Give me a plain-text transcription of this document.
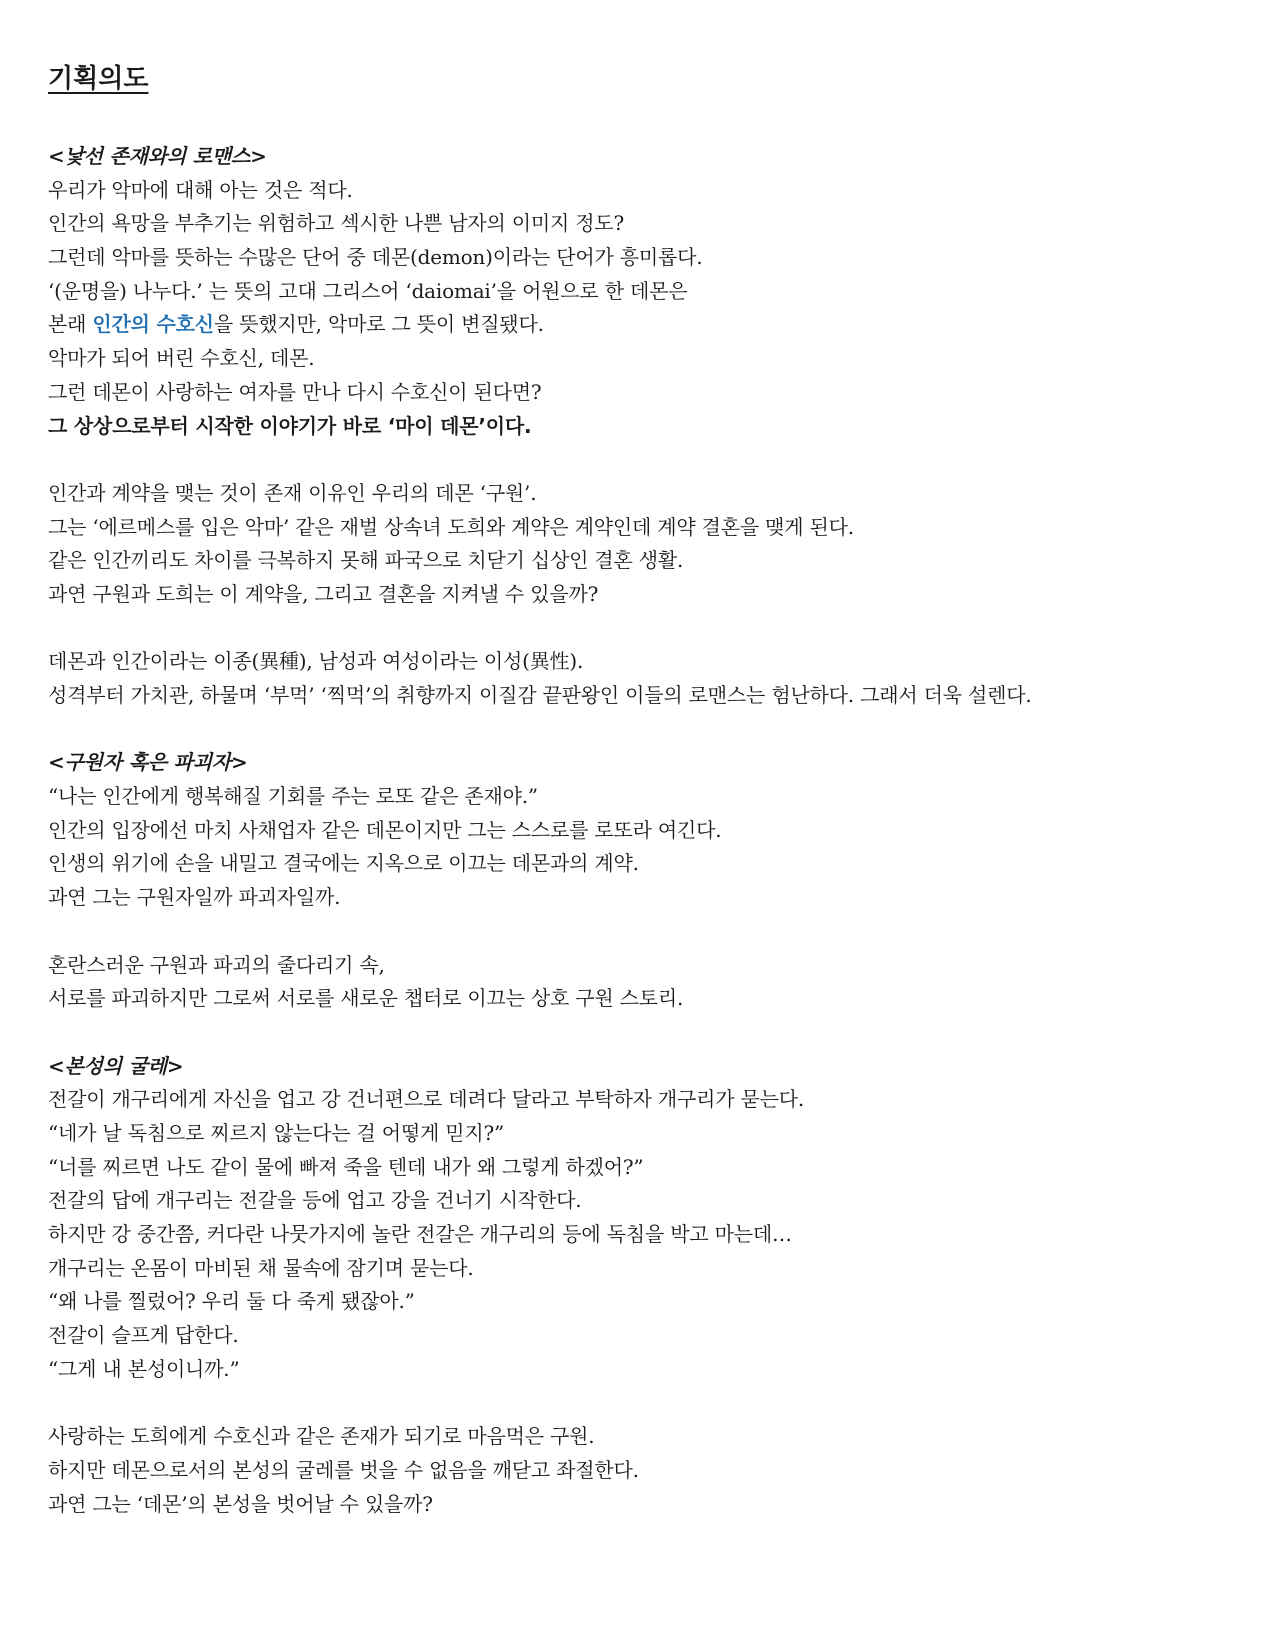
기획의도
<낯선 존재와의 로맨스>
우리가 악마에 대해 아는 것은 적다.
인간의 욕망을 부추기는 위험하고 섹시한 나쁜 남자의 이미지 정도?
그런데 악마를 뜻하는 수많은 단어 중 데몬(demon)이라는 단어가 흥미롭다.
‘(운명을) 나누다.’ 는 뜻의 고대 그리스어 ‘daiomai’을 어원으로 한 데몬은
본래 인간의 수호신을 뜻했지만, 악마로 그 뜻이 변질됐다.
악마가 되어 버린 수호신, 데몬.
그런 데몬이 사랑하는 여자를 만나 다시 수호신이 된다면?
그 상상으로부터 시작한 이야기가 바로 ‘마이 데몬’이다.
인간과 계약을 맺는 것이 존재 이유인 우리의 데몬 ‘구원’.
그는 ‘에르메스를 입은 악마’ 같은 재벌 상속녀 도희와 계약은 계약인데 계약 결혼을 맺게 된다.
같은 인간끼리도 차이를 극복하지 못해 파국으로 치닫기 십상인 결혼 생활.
과연 구원과 도희는 이 계약을, 그리고 결혼을 지켜낼 수 있을까?
데몬과 인간이라는 이종(異種), 남성과 여성이라는 이성(異性).
성격부터 가치관, 하물며 ‘부먹’ ‘찍먹’의 취향까지 이질감 끝판왕인 이들의 로맨스는 험난하다. 그래서 더욱 설렌다.
<구원자 혹은 파괴자>
“나는 인간에게 행복해질 기회를 주는 로또 같은 존재야.”
인간의 입장에선 마치 사채업자 같은 데몬이지만 그는 스스로를 로또라 여긴다.
인생의 위기에 손을 내밀고 결국에는 지옥으로 이끄는 데몬과의 계약.
과연 그는 구원자일까 파괴자일까.
혼란스러운 구원과 파괴의 줄다리기 속,
서로를 파괴하지만 그로써 서로를 새로운 챕터로 이끄는 상호 구원 스토리.
<본성의 굴레>
전갈이 개구리에게 자신을 업고 강 건너편으로 데려다 달라고 부탁하자 개구리가 묻는다.
“네가 날 독침으로 찌르지 않는다는 걸 어떻게 믿지?”
“너를 찌르면 나도 같이 물에 빠져 죽을 텐데 내가 왜 그렇게 하겠어?”
전갈의 답에 개구리는 전갈을 등에 업고 강을 건너기 시작한다.
하지만 강 중간쯤, 커다란 나뭇가지에 놀란 전갈은 개구리의 등에 독침을 박고 마는데…
개구리는 온몸이 마비된 채 물속에 잠기며 묻는다.
“왜 나를 찔렀어? 우리 둘 다 죽게 됐잖아.”
전갈이 슬프게 답한다.
“그게 내 본성이니까.”
사랑하는 도희에게 수호신과 같은 존재가 되기로 마음먹은 구원.
하지만 데몬으로서의 본성의 굴레를 벗을 수 없음을 깨닫고 좌절한다.
과연 그는 ‘데몬’의 본성을 벗어날 수 있을까?
